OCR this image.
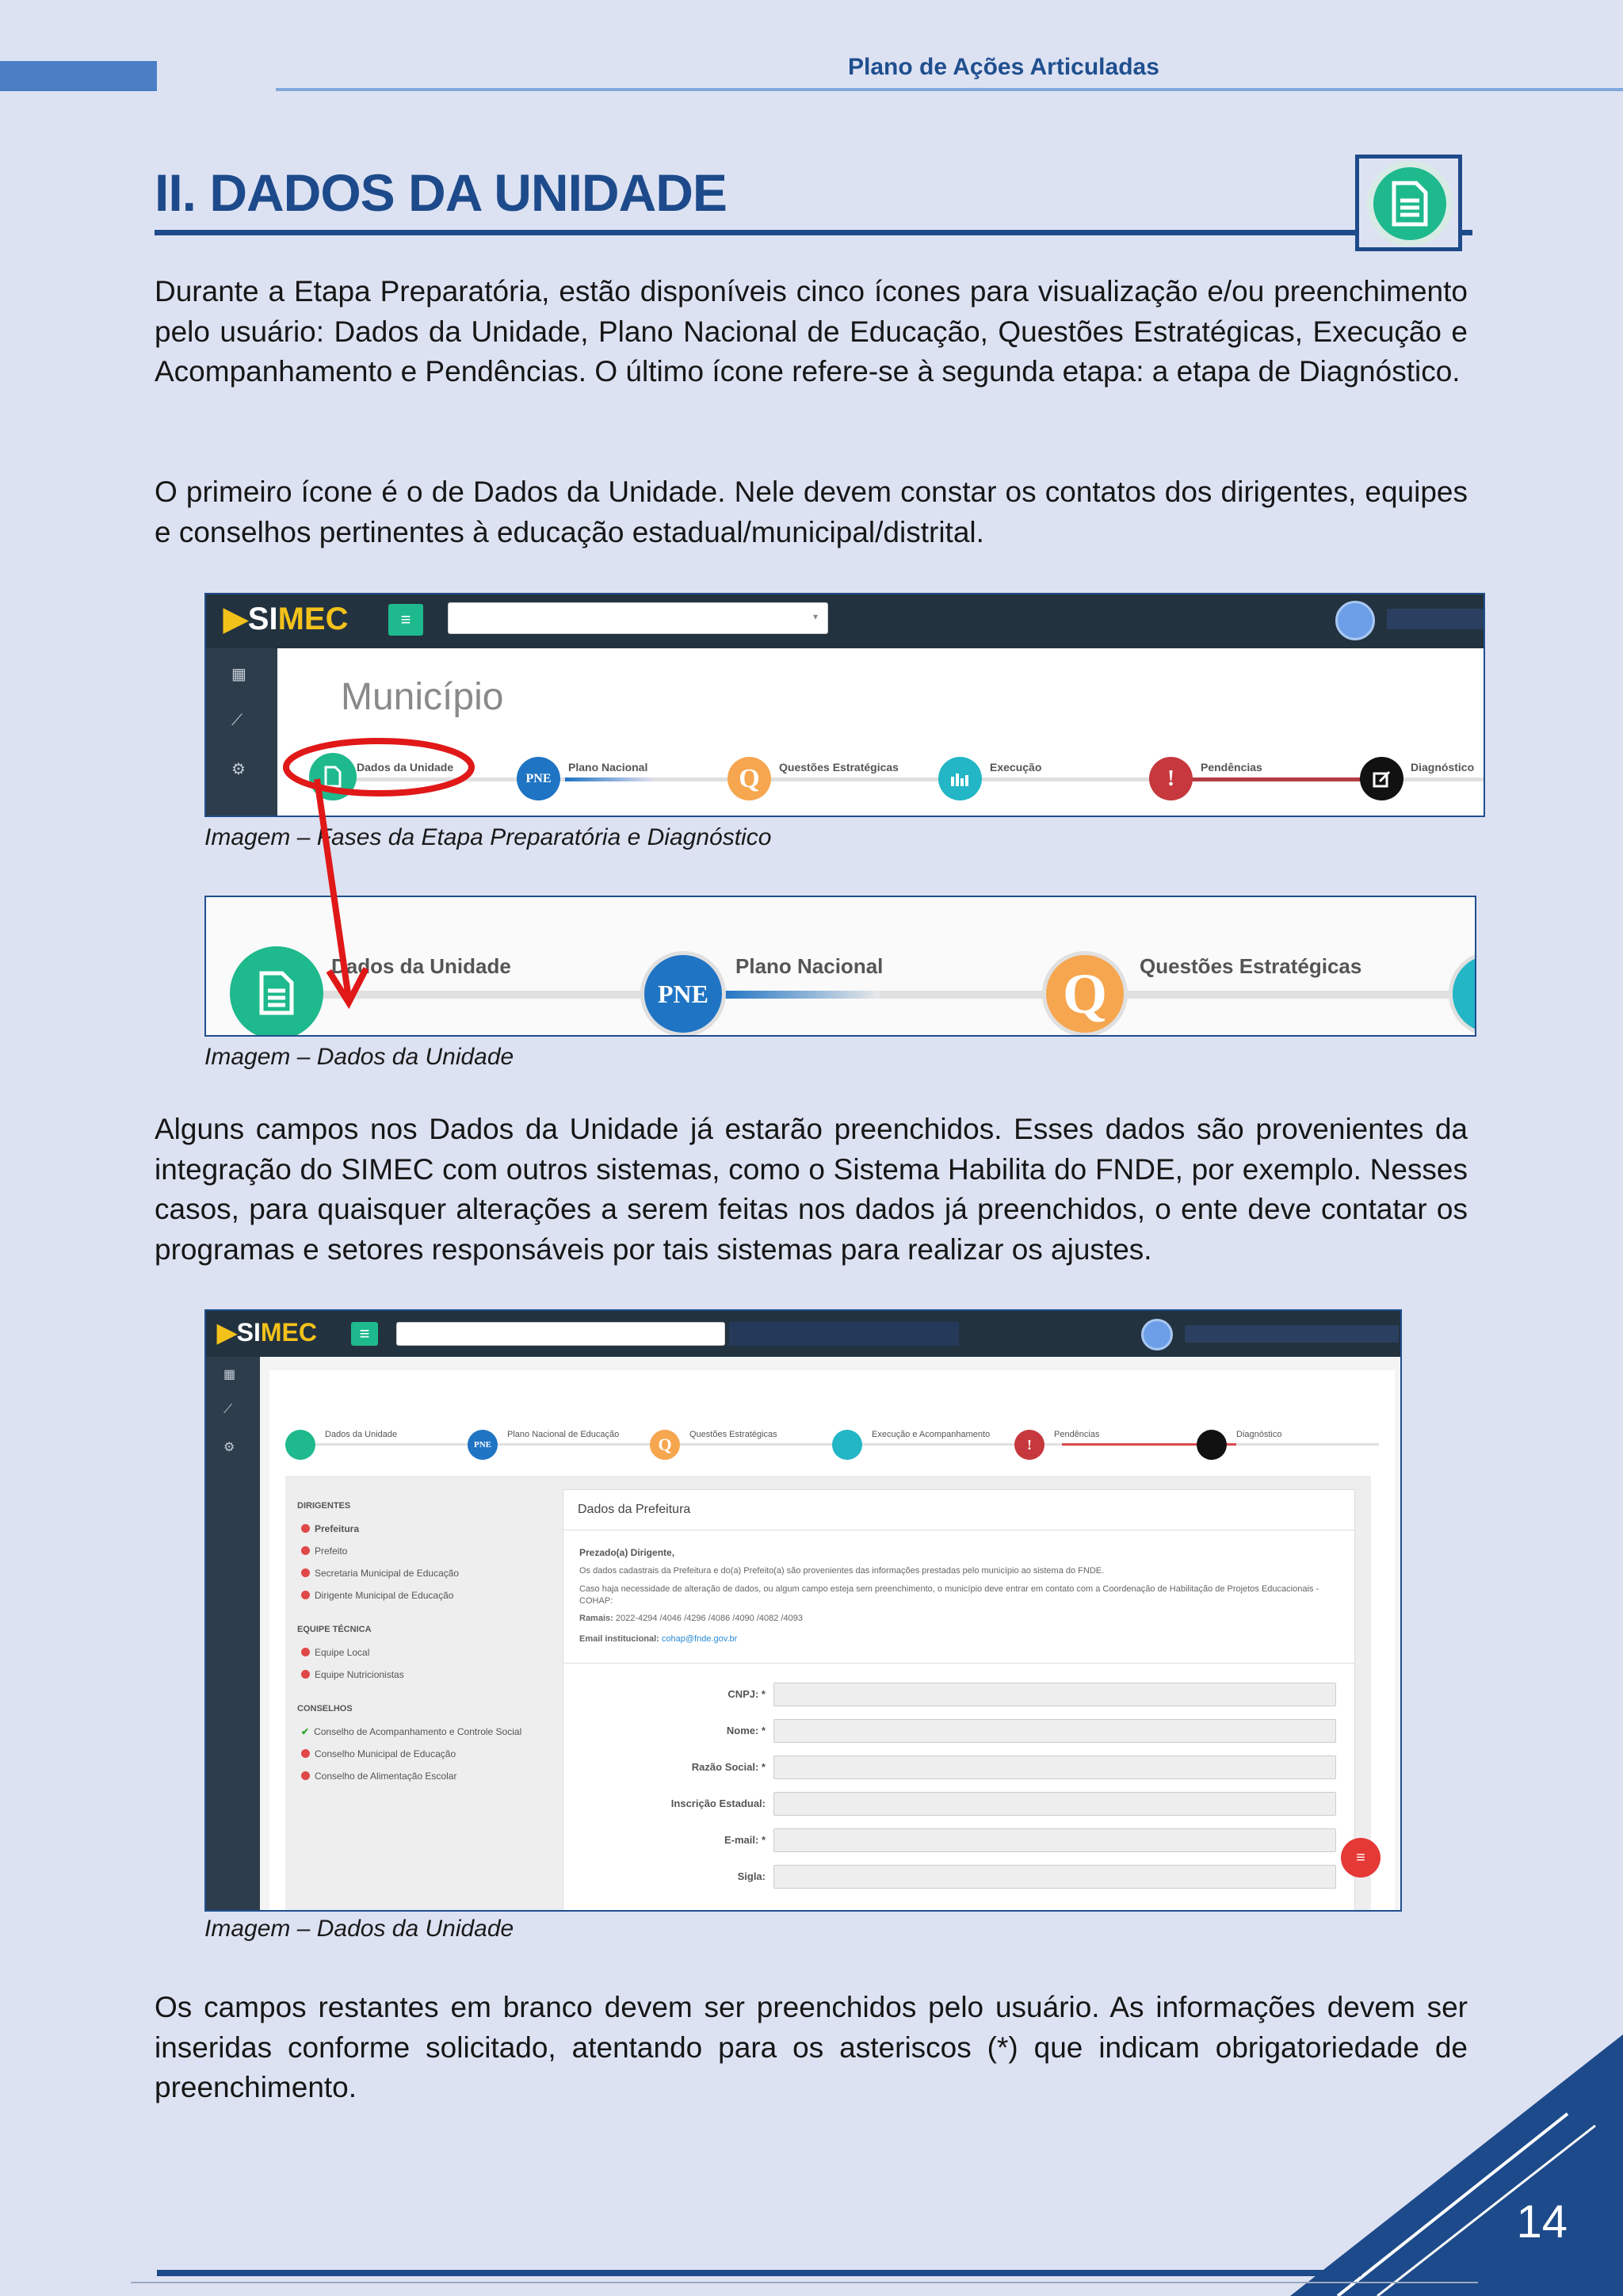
Plano de Ações Articuladas
II. DADOS DA UNIDADE

Durante a Etapa Preparatória, estão disponíveis cinco ícones para visualização e/ou preenchimento pelo usuário: Dados da Unidade, Plano Nacional de Educação, Questões Estratégicas, Execução e Acompanhamento e Pendências. O último ícone refere-se à segunda etapa: a etapa de Diagnóstico.

O primeiro ícone é o de Dados da Unidade. Nele devem constar os contatos dos dirigentes, equipes e conselhos pertinentes à educação estadual/municipal/distrital.

▶SIMEC	≡	▾
▦
⟋
⚙
Município
Dados da Unidade
PNE
Plano Nacional	Q	Questões Estratégicas	Execução	!	Pendências	Diagnóstico
Imagem – Fases da Etapa Preparatória e Diagnóstico
Dados da Unidade
PNE
Plano Nacional	Q	Questões Estratégicas
Imagem – Dados da Unidade

Alguns campos nos Dados da Unidade já estarão preenchidos. Esses dados são provenientes da integração do SIMEC com outros sistemas, como o Sistema Habilita do FNDE, por exemplo. Nesses casos, para quaisquer alterações a serem feitas nos dados já preenchidos, o ente deve contatar os programas e setores responsáveis por tais sistemas para realizar os ajustes.

▶SIMEC	≡
▦
⟋
⚙
Dados da Unidade
PNE
Plano Nacional de Educação	Q	Questões Estratégicas	Execução e Acompanhamento
!
Pendências	Diagnóstico
DIRIGENTES
Prefeitura
Prefeito
Secretaria Municipal de Educação
Dirigente Municipal de Educação
EQUIPE TÉCNICA
Equipe Local
Equipe Nutricionistas
CONSELHOS
✔ Conselho de Acompanhamento e Controle Social
Conselho Municipal de Educação
Conselho de Alimentação Escolar
Dados da Prefeitura
Prezado(a) Dirigente,
Os dados cadastrais da Prefeitura e do(a) Prefeito(a) são provenientes das informações prestadas pelo município ao sistema do FNDE.
Caso haja necessidade de alteração de dados, ou algum campo esteja sem preenchimento, o município deve entrar em contato com a Coordenação de Habilitação de Projetos Educacionais - COHAP:
Ramais: 2022-4294 /4046 /4296 /4086 /4090 /4082 /4093
Email institucional: cohap@fnde.gov.br
CNPJ: *
Nome: *
Razão Social: *
Inscrição Estadual:
E-mail: *
Sigla:
≡
Imagem – Dados da Unidade

Os campos restantes em branco devem ser preenchidos pelo usuário. As informações devem ser inseridas conforme solicitado, atentando para os asteriscos (*) que indicam obrigatoriedade de preenchimento.

14
